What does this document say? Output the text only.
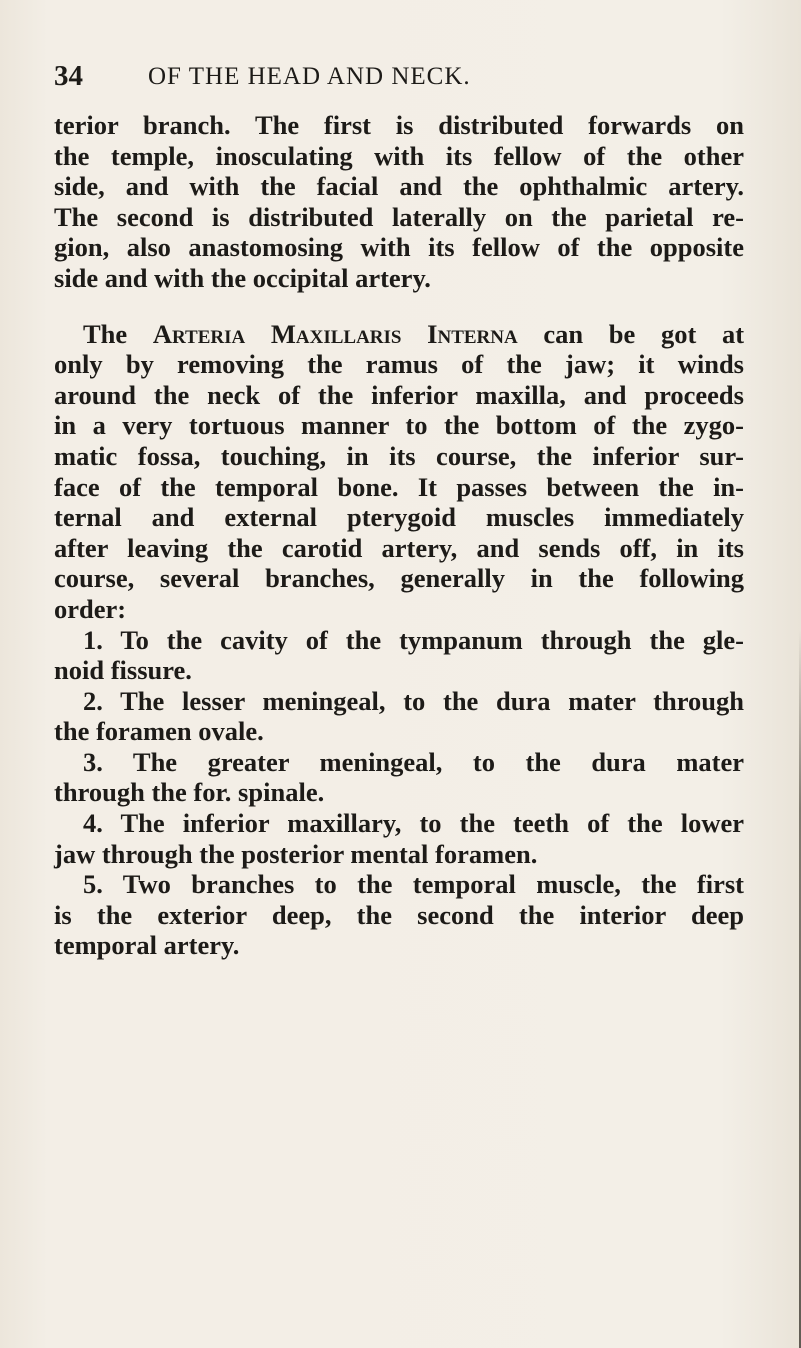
34	OF THE HEAD AND NECK.

terior branch. The first is distributed forwards on
the temple, inosculating with its fellow of the other
side, and with the facial and the ophthalmic artery.
The second is distributed laterally on the parietal re-
gion, also anastomosing with its fellow of the opposite
side and with the occipital artery.

The Arteria Maxillaris Interna can be got at
only by removing the ramus of the jaw; it winds
around the neck of the inferior maxilla, and proceeds
in a very tortuous manner to the bottom of the zygo-
matic fossa, touching, in its course, the inferior sur-
face of the temporal bone. It passes between the in-
ternal and external pterygoid muscles immediately
after leaving the carotid artery, and sends off, in its
course, several branches, generally in the following
order:

1. To the cavity of the tympanum through the gle-
noid fissure.

2. The lesser meningeal, to the dura mater through
the foramen ovale.

3. The greater meningeal, to the dura mater
through the for. spinale.

4. The inferior maxillary, to the teeth of the lower
jaw through the posterior mental foramen.

5. Two branches to the temporal muscle, the first
is the exterior deep, the second the interior deep
temporal artery.
